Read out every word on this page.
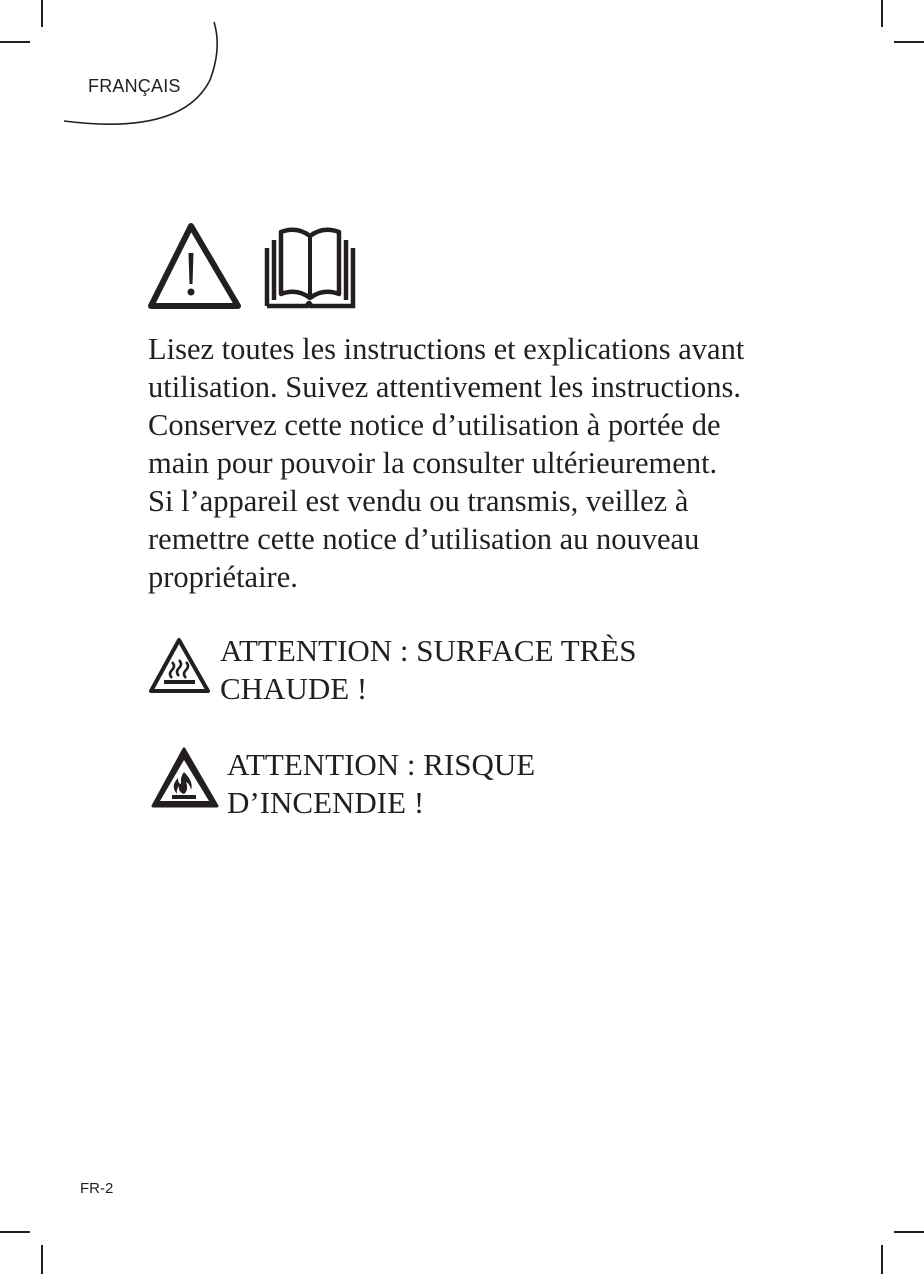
FRANÇAIS

Lisez toutes les instructions et explications avant
utilisation. Suivez attentivement les instructions.
Conservez cette notice d’utilisation à portée de
main pour pouvoir la consulter ultérieurement.
Si l’appareil est vendu ou transmis, veillez à
remettre cette notice d’utilisation au nouveau
propriétaire.

ATTENTION : SURFACE TRÈS
CHAUDE !
ATTENTION : RISQUE
D’INCENDIE !
FR-2
